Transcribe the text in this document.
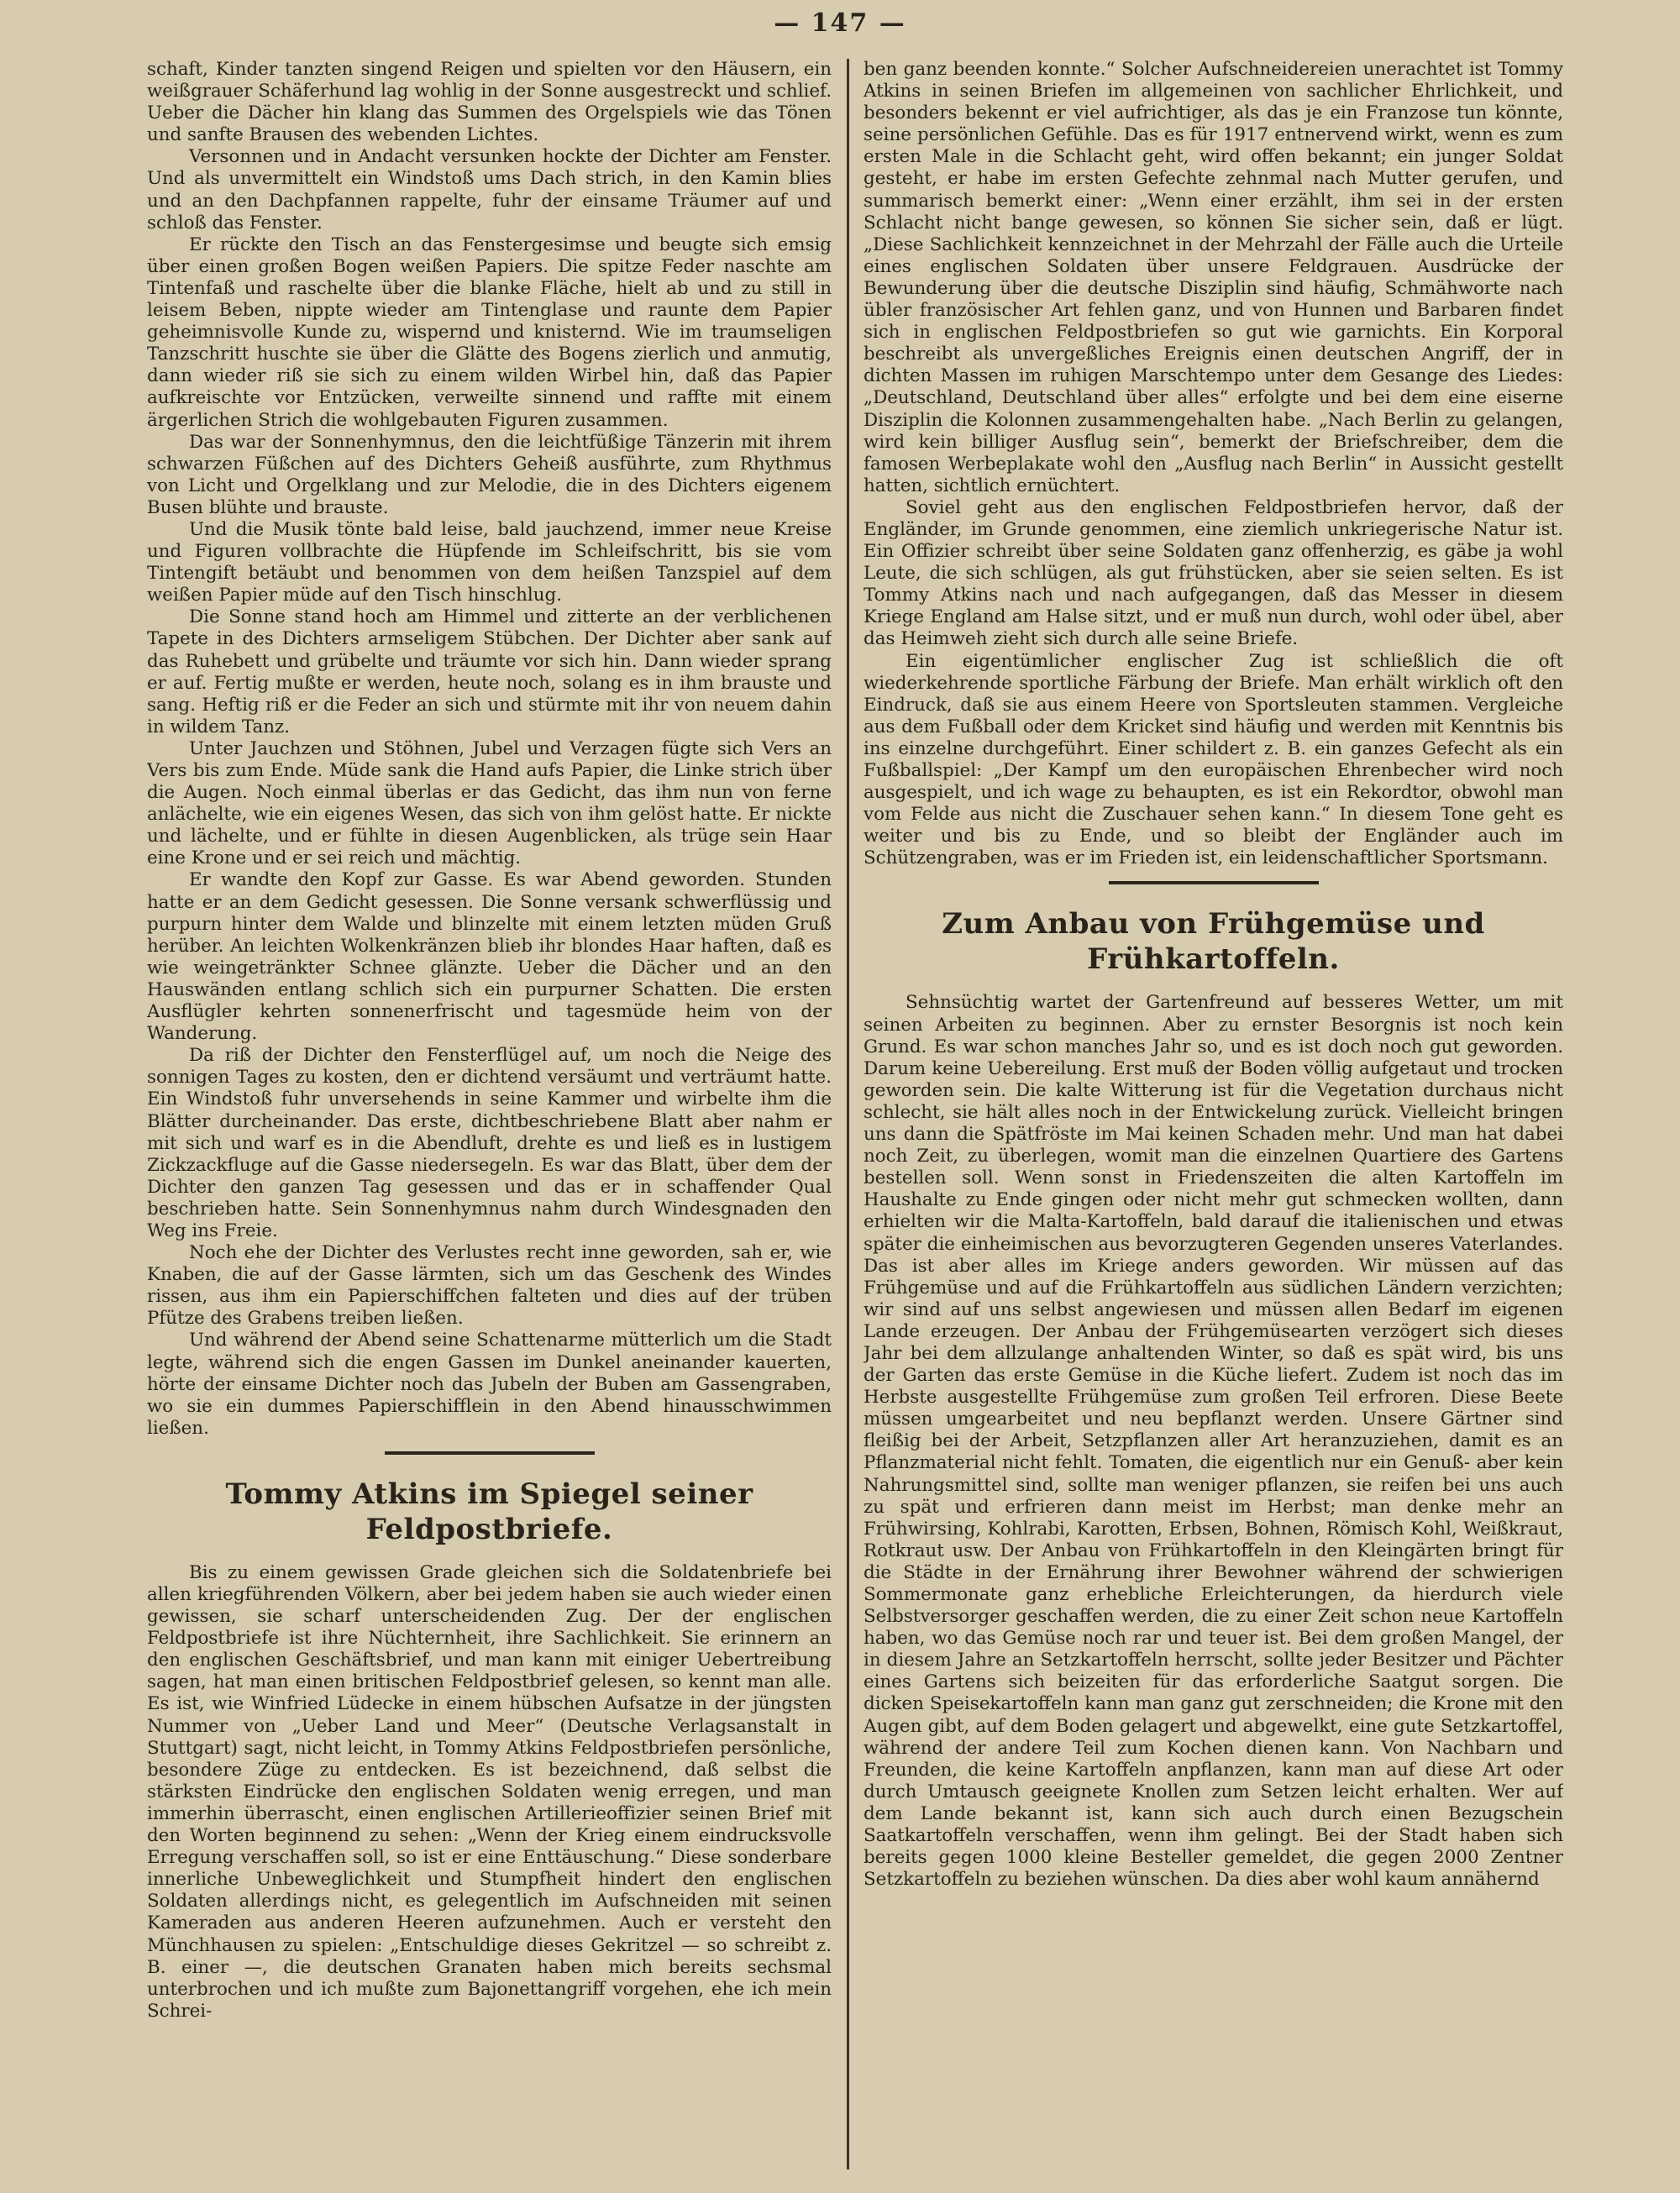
— 147 —

schaft, Kinder tanzten singend Reigen und spielten vor den Häusern, ein weißgrauer Schäferhund lag wohlig in der Sonne ausgestreckt und schlief. Ueber die Dächer hin klang das Summen des Orgelspiels wie das Tönen und sanfte Brausen des webenden Lichtes.

Versonnen und in Andacht versunken hockte der Dichter am Fenster. Und als unvermittelt ein Windstoß ums Dach strich, in den Kamin blies und an den Dachpfannen rappelte, fuhr der einsame Träumer auf und schloß das Fenster.

Er rückte den Tisch an das Fenstergesimse und beugte sich emsig über einen großen Bogen weißen Papiers. Die spitze Feder naschte am Tintenfaß und raschelte über die blanke Fläche, hielt ab und zu still in leisem Beben, nippte wieder am Tintenglase und raunte dem Papier geheimnisvolle Kunde zu, wispernd und knisternd. Wie im traumseligen Tanzschritt huschte sie über die Glätte des Bogens zierlich und anmutig, dann wieder riß sie sich zu einem wilden Wirbel hin, daß das Papier aufkreischte vor Entzücken, verweilte sinnend und raffte mit einem ärgerlichen Strich die wohlgebauten Figuren zusammen.

Das war der Sonnenhymnus, den die leichtfüßige Tänzerin mit ihrem schwarzen Füßchen auf des Dichters Geheiß ausführte, zum Rhythmus von Licht und Orgelklang und zur Melodie, die in des Dichters eigenem Busen blühte und brauste.

Und die Musik tönte bald leise, bald jauchzend, immer neue Kreise und Figuren vollbrachte die Hüpfende im Schleifschritt, bis sie vom Tintengift betäubt und benommen von dem heißen Tanzspiel auf dem weißen Papier müde auf den Tisch hinschlug.

Die Sonne stand hoch am Himmel und zitterte an der verblichenen Tapete in des Dichters armseligem Stübchen. Der Dichter aber sank auf das Ruhebett und grübelte und träumte vor sich hin. Dann wieder sprang er auf. Fertig mußte er werden, heute noch, solang es in ihm brauste und sang. Heftig riß er die Feder an sich und stürmte mit ihr von neuem dahin in wildem Tanz.

Unter Jauchzen und Stöhnen, Jubel und Verzagen fügte sich Vers an Vers bis zum Ende. Müde sank die Hand aufs Papier, die Linke strich über die Augen. Noch einmal überlas er das Gedicht, das ihm nun von ferne anlächelte, wie ein eigenes Wesen, das sich von ihm gelöst hatte. Er nickte und lächelte, und er fühlte in diesen Augenblicken, als trüge sein Haar eine Krone und er sei reich und mächtig.

Er wandte den Kopf zur Gasse. Es war Abend geworden. Stunden hatte er an dem Gedicht gesessen. Die Sonne versank schwerflüssig und purpurn hinter dem Walde und blinzelte mit einem letzten müden Gruß herüber. An leichten Wolkenkränzen blieb ihr blondes Haar haften, daß es wie weingetränkter Schnee glänzte. Ueber die Dächer und an den Hauswänden entlang schlich sich ein purpurner Schatten. Die ersten Ausflügler kehrten sonnenerfrischt und tagesmüde heim von der Wanderung.

Da riß der Dichter den Fensterflügel auf, um noch die Neige des sonnigen Tages zu kosten, den er dichtend versäumt und verträumt hatte. Ein Windstoß fuhr unversehends in seine Kammer und wirbelte ihm die Blätter durcheinander. Das erste, dichtbeschriebene Blatt aber nahm er mit sich und warf es in die Abendluft, drehte es und ließ es in lustigem Zickzackfluge auf die Gasse niedersegeln. Es war das Blatt, über dem der Dichter den ganzen Tag gesessen und das er in schaffender Qual beschrieben hatte. Sein Sonnenhymnus nahm durch Windesgnaden den Weg ins Freie.

Noch ehe der Dichter des Verlustes recht inne geworden, sah er, wie Knaben, die auf der Gasse lärmten, sich um das Geschenk des Windes rissen, aus ihm ein Papierschiffchen falteten und dies auf der trüben Pfütze des Grabens treiben ließen.

Und während der Abend seine Schattenarme mütterlich um die Stadt legte, während sich die engen Gassen im Dunkel aneinander kauerten, hörte der einsame Dichter noch das Jubeln der Buben am Gassengraben, wo sie ein dummes Papierschifflein in den Abend hinausschwimmen ließen.

Tommy Atkins im Spiegel seiner Feldpostbriefe.

Bis zu einem gewissen Grade gleichen sich die Soldatenbriefe bei allen kriegführenden Völkern, aber bei jedem haben sie auch wieder einen gewissen, sie scharf unterscheidenden Zug. Der der englischen Feldpostbriefe ist ihre Nüchternheit, ihre Sachlichkeit. Sie erinnern an den englischen Geschäftsbrief, und man kann mit einiger Uebertreibung sagen, hat man einen britischen Feldpostbrief gelesen, so kennt man alle. Es ist, wie Winfried Lüdecke in einem hübschen Aufsatze in der jüngsten Nummer von „Ueber Land und Meer“ (Deutsche Verlagsanstalt in Stuttgart) sagt, nicht leicht, in Tommy Atkins Feldpostbriefen persönliche, besondere Züge zu entdecken. Es ist bezeichnend, daß selbst die stärksten Eindrücke den englischen Soldaten wenig erregen, und man immerhin überrascht, einen englischen Artillerieoffizier seinen Brief mit den Worten beginnend zu sehen: „Wenn der Krieg einem eindrucksvolle Erregung verschaffen soll, so ist er eine Enttäuschung.“ Diese sonderbare innerliche Unbeweglichkeit und Stumpfheit hindert den englischen Soldaten allerdings nicht, es gelegentlich im Aufschneiden mit seinen Kameraden aus anderen Heeren aufzunehmen. Auch er versteht den Münchhausen zu spielen: „Entschuldige dieses Gekritzel — so schreibt z. B. einer —, die deutschen Granaten haben mich bereits sechsmal unterbrochen und ich mußte zum Bajonettangriff vorgehen, ehe ich mein Schrei-

ben ganz beenden konnte.“ Solcher Aufschneidereien unerachtet ist Tommy Atkins in seinen Briefen im allgemeinen von sachlicher Ehrlichkeit, und besonders bekennt er viel aufrichtiger, als das je ein Franzose tun könnte, seine persönlichen Gefühle. Das es für 1917 entnervend wirkt, wenn es zum ersten Male in die Schlacht geht, wird offen bekannt; ein junger Soldat gesteht, er habe im ersten Gefechte zehnmal nach Mutter gerufen, und summarisch bemerkt einer: „Wenn einer erzählt, ihm sei in der ersten Schlacht nicht bange gewesen, so können Sie sicher sein, daß er lügt. „Diese Sachlichkeit kennzeichnet in der Mehrzahl der Fälle auch die Urteile eines englischen Soldaten über unsere Feldgrauen. Ausdrücke der Bewunderung über die deutsche Disziplin sind häufig, Schmähworte nach übler französischer Art fehlen ganz, und von Hunnen und Barbaren findet sich in englischen Feldpostbriefen so gut wie garnichts. Ein Korporal beschreibt als unvergeßliches Ereignis einen deutschen Angriff, der in dichten Massen im ruhigen Marschtempo unter dem Gesange des Liedes: „Deutschland, Deutschland über alles“ erfolgte und bei dem eine eiserne Disziplin die Kolonnen zusammengehalten habe. „Nach Berlin zu gelangen, wird kein billiger Ausflug sein“, bemerkt der Briefschreiber, dem die famosen Werbeplakate wohl den „Ausflug nach Berlin“ in Aussicht gestellt hatten, sichtlich ernüchtert.

Soviel geht aus den englischen Feldpostbriefen hervor, daß der Engländer, im Grunde genommen, eine ziemlich unkriegerische Natur ist. Ein Offizier schreibt über seine Soldaten ganz offenherzig, es gäbe ja wohl Leute, die sich schlügen, als gut frühstücken, aber sie seien selten. Es ist Tommy Atkins nach und nach aufgegangen, daß das Messer in diesem Kriege England am Halse sitzt, und er muß nun durch, wohl oder übel, aber das Heimweh zieht sich durch alle seine Briefe.

Ein eigentümlicher englischer Zug ist schließlich die oft wiederkehrende sportliche Färbung der Briefe. Man erhält wirklich oft den Eindruck, daß sie aus einem Heere von Sportsleuten stammen. Vergleiche aus dem Fußball oder dem Kricket sind häufig und werden mit Kenntnis bis ins einzelne durchgeführt. Einer schildert z. B. ein ganzes Gefecht als ein Fußballspiel: „Der Kampf um den europäischen Ehrenbecher wird noch ausgespielt, und ich wage zu behaupten, es ist ein Rekordtor, obwohl man vom Felde aus nicht die Zuschauer sehen kann.“ In diesem Tone geht es weiter und bis zu Ende, und so bleibt der Engländer auch im Schützengraben, was er im Frieden ist, ein leidenschaftlicher Sportsmann.

Zum Anbau von Frühgemüse und Frühkartoffeln.

Sehnsüchtig wartet der Gartenfreund auf besseres Wetter, um mit seinen Arbeiten zu beginnen. Aber zu ernster Besorgnis ist noch kein Grund. Es war schon manches Jahr so, und es ist doch noch gut geworden. Darum keine Uebereilung. Erst muß der Boden völlig aufgetaut und trocken geworden sein. Die kalte Witterung ist für die Vegetation durchaus nicht schlecht, sie hält alles noch in der Entwickelung zurück. Vielleicht bringen uns dann die Spätfröste im Mai keinen Schaden mehr. Und man hat dabei noch Zeit, zu überlegen, womit man die einzelnen Quartiere des Gartens bestellen soll. Wenn sonst in Friedenszeiten die alten Kartoffeln im Haushalte zu Ende gingen oder nicht mehr gut schmecken wollten, dann erhielten wir die Malta-Kartoffeln, bald darauf die italienischen und etwas später die einheimischen aus bevorzugteren Gegenden unseres Vaterlandes. Das ist aber alles im Kriege anders geworden. Wir müssen auf das Frühgemüse und auf die Frühkartoffeln aus südlichen Ländern verzichten; wir sind auf uns selbst angewiesen und müssen allen Bedarf im eigenen Lande erzeugen. Der Anbau der Frühgemüsearten verzögert sich dieses Jahr bei dem allzulange anhaltenden Winter, so daß es spät wird, bis uns der Garten das erste Gemüse in die Küche liefert. Zudem ist noch das im Herbste ausgestellte Frühgemüse zum großen Teil erfroren. Diese Beete müssen umgearbeitet und neu bepflanzt werden. Unsere Gärtner sind fleißig bei der Arbeit, Setzpflanzen aller Art heranzuziehen, damit es an Pflanzmaterial nicht fehlt. Tomaten, die eigentlich nur ein Genuß- aber kein Nahrungsmittel sind, sollte man weniger pflanzen, sie reifen bei uns auch zu spät und erfrieren dann meist im Herbst; man denke mehr an Frühwirsing, Kohlrabi, Karotten, Erbsen, Bohnen, Römisch Kohl, Weißkraut, Rotkraut usw. Der Anbau von Frühkartoffeln in den Kleingärten bringt für die Städte in der Ernährung ihrer Bewohner während der schwierigen Sommermonate ganz erhebliche Erleichterungen, da hierdurch viele Selbstversorger geschaffen werden, die zu einer Zeit schon neue Kartoffeln haben, wo das Gemüse noch rar und teuer ist. Bei dem großen Mangel, der in diesem Jahre an Setzkartoffeln herrscht, sollte jeder Besitzer und Pächter eines Gartens sich beizeiten für das erforderliche Saatgut sorgen. Die dicken Speisekartoffeln kann man ganz gut zerschneiden; die Krone mit den Augen gibt, auf dem Boden gelagert und abgewelkt, eine gute Setzkartoffel, während der andere Teil zum Kochen dienen kann. Von Nachbarn und Freunden, die keine Kartoffeln anpflanzen, kann man auf diese Art oder durch Umtausch geeignete Knollen zum Setzen leicht erhalten. Wer auf dem Lande bekannt ist, kann sich auch durch einen Bezugschein Saatkartoffeln verschaffen, wenn ihm gelingt. Bei der Stadt haben sich bereits gegen 1000 kleine Besteller gemeldet, die gegen 2000 Zentner Setzkartoffeln zu beziehen wünschen. Da dies aber wohl kaum annähernd
